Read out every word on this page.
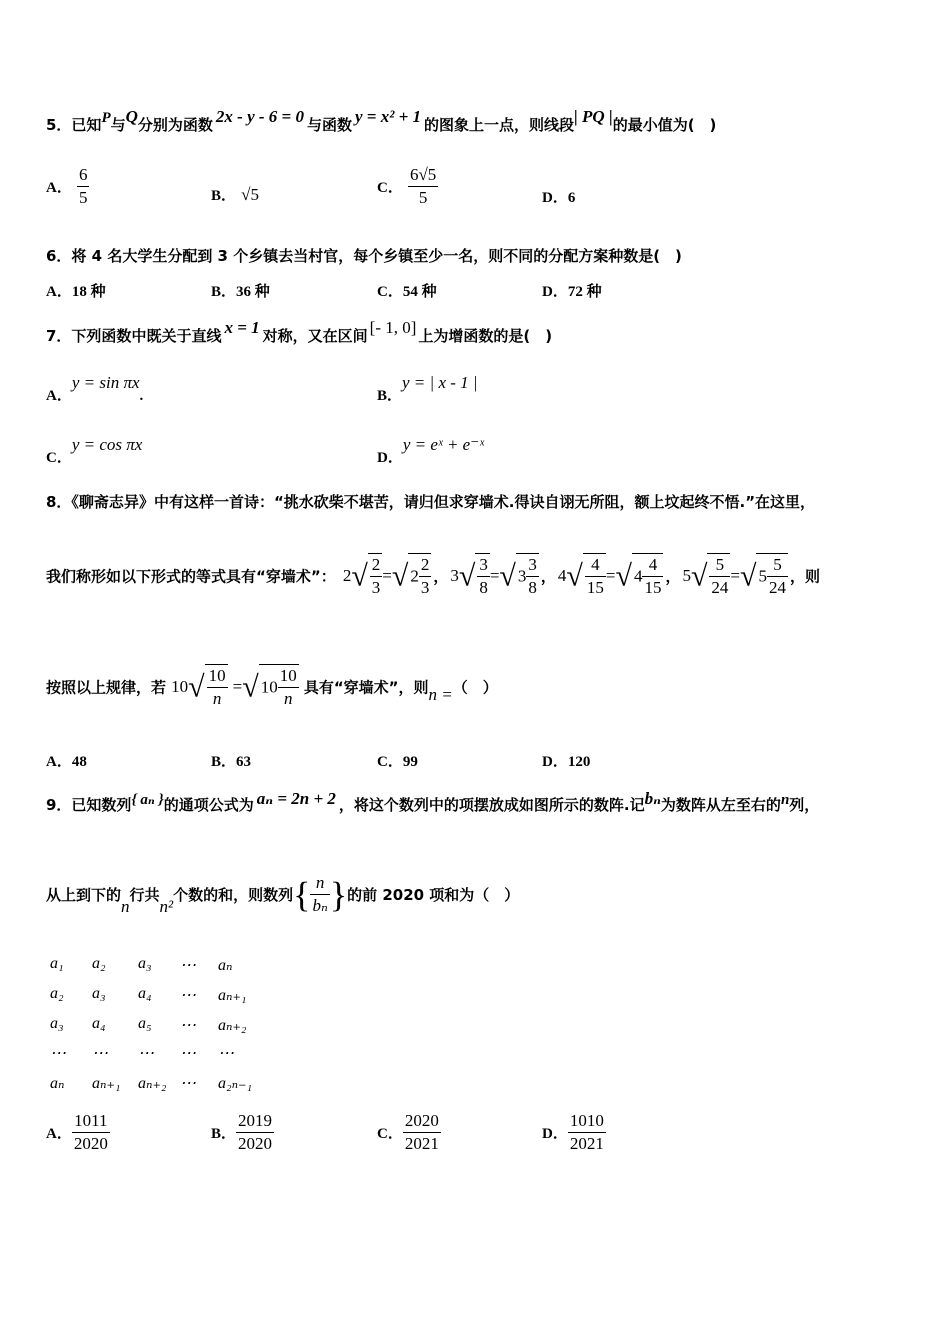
5．已知P与Q分别为函数 2x - y - 6 = 0 与函数 y = x² + 1 的图象上一点，则线段| PQ |的最小值为(　)
A． $\frac{6}{5}$	B． √5	C． $\frac{6√5}{5}$	D．6
6．将 4 名大学生分配到 3 个乡镇去当村官，每个乡镇至少一名，则不同的分配方案种数是(　)
A．18 种	B．36 种	C．54 种	D．72 种
7．下列函数中既关于直线 x = 1 对称，又在区间 [- 1, 0] 上为增函数的是(　)
A．y = sin πx.	B．y = | x - 1 |
C．y = cos πx
D．y = eˣ + e⁻ˣ
8．《聊斋志异》中有这样一首诗：“挑水砍柴不堪苦，请归但求穿墙术.得诀自诩无所阻，额上坟起终不悟.”在这里，
我们称形如以下形式的等式具有“穿墙术”： $2√ \frac{2}{3}$ =√ $2 \frac{2}{3}$ ， $3√ \frac{3}{8}$ =√ $3 \frac{3}{8}$ ， $4√ \frac{4}{15}$ =√ $4 \frac{4}{15}$ ， $5√ \frac{5}{24}$ =√ $5 \frac{5}{24}$ ，则
按照以上规律，若 $10√ \frac{10}{n}$ =√ $10 \frac{10}{n}$ 具有“穿墙术”，则n =（　）
A．48	B．63	C．99	D．120
9．已知数列{ aₙ }的通项公式为 aₙ = 2n + 2 ，将这个数列中的项摆放成如图所示的数阵.记bₙ为数阵从左至右的n列，
从上到下的n行共n²个数的和，则数列{ $\frac{n}{\text{bₙ}}$ }的前 2020 项和为（　）
a₁ a₂ a₃ ⋯ aₙ
a₂ a₃ a₄ ⋯ aₙ₊₁
a₃ a₄ a₅ ⋯ aₙ₊₂
⋯ ⋯ ⋯ ⋯ ⋯
aₙ aₙ₊₁ aₙ₊₂ ⋯ a₂ₙ₋₁
A． $\frac{1011}{2020}$	B． $\frac{2019}{2020}$	C． $\frac{2020}{2021}$	D． $\frac{1010}{2021}$
